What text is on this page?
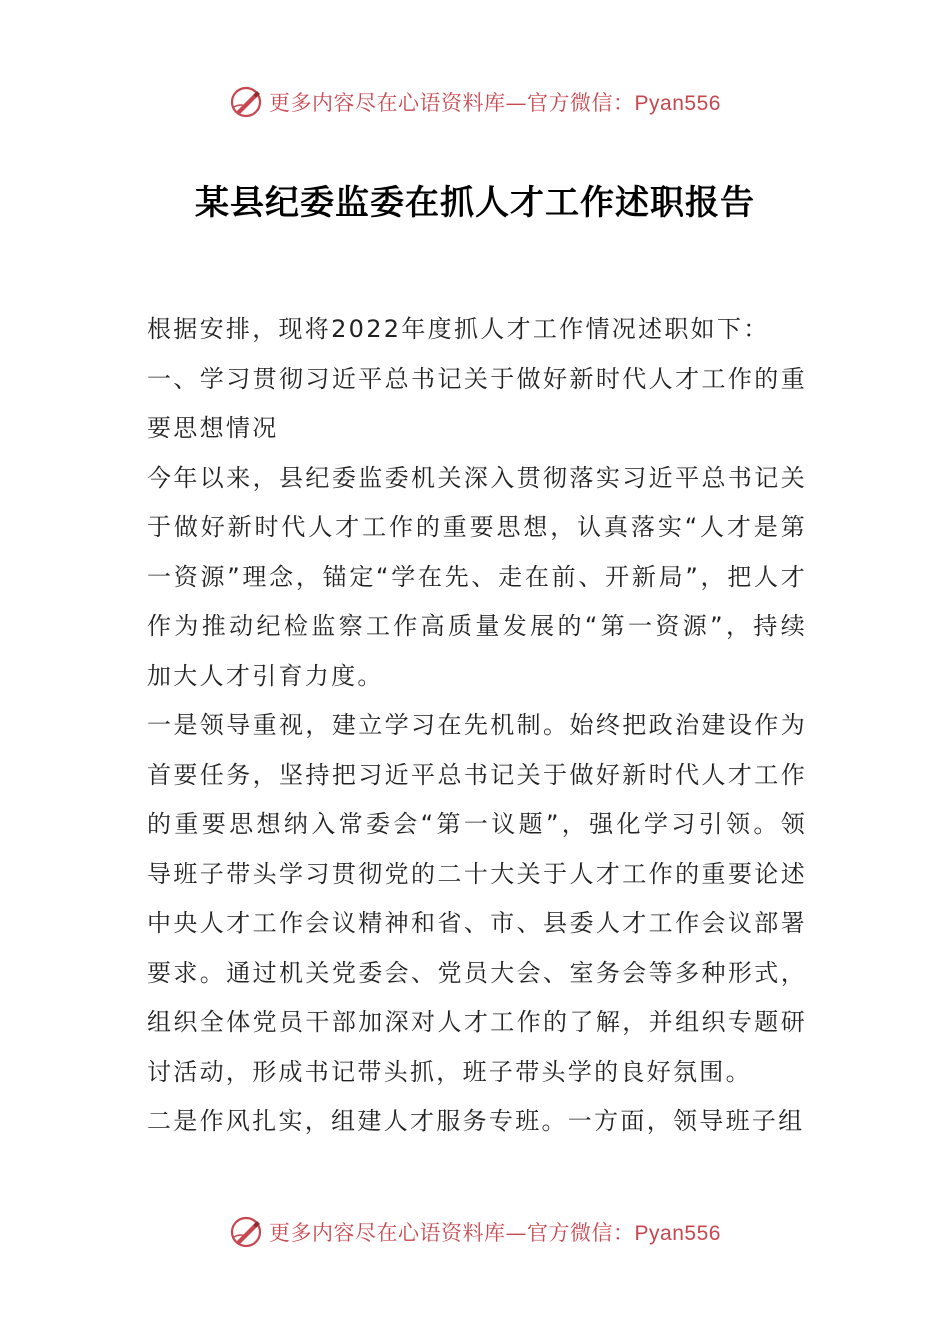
更多内容尽在心语资料库—官方微信：Pyan556
某县纪委监委在抓人才工作述职报告

根据安排，现将2022年度抓人才工作情况述职如下：

一、学习贯彻习近平总书记关于做好新时代人才工作的重要思想情况

今年以来，县纪委监委机关深入贯彻落实习近平总书记关于做好新时代人才工作的重要思想，认真落实“人才是第一资源”理念，锚定“学在先、走在前、开新局”，把人才作为推动纪检监察工作高质量发展的“第一资源”，持续加大人才引育力度。

一是领导重视，建立学习在先机制。始终把政治建设作为首要任务，坚持把习近平总书记关于做好新时代人才工作的重要思想纳入常委会“第一议题”，强化学习引领。领导班子带头学习贯彻党的二十大关于人才工作的重要论述中央人才工作会议精神和省、市、县委人才工作会议部署要求。通过机关党委会、党员大会、室务会等多种形式，组织全体党员干部加深对人才工作的了解，并组织专题研讨活动，形成书记带头抓，班子带头学的良好氛围。

二是作风扎实，组建人才服务专班。一方面，领导班子组

更多内容尽在心语资料库—官方微信：Pyan556
